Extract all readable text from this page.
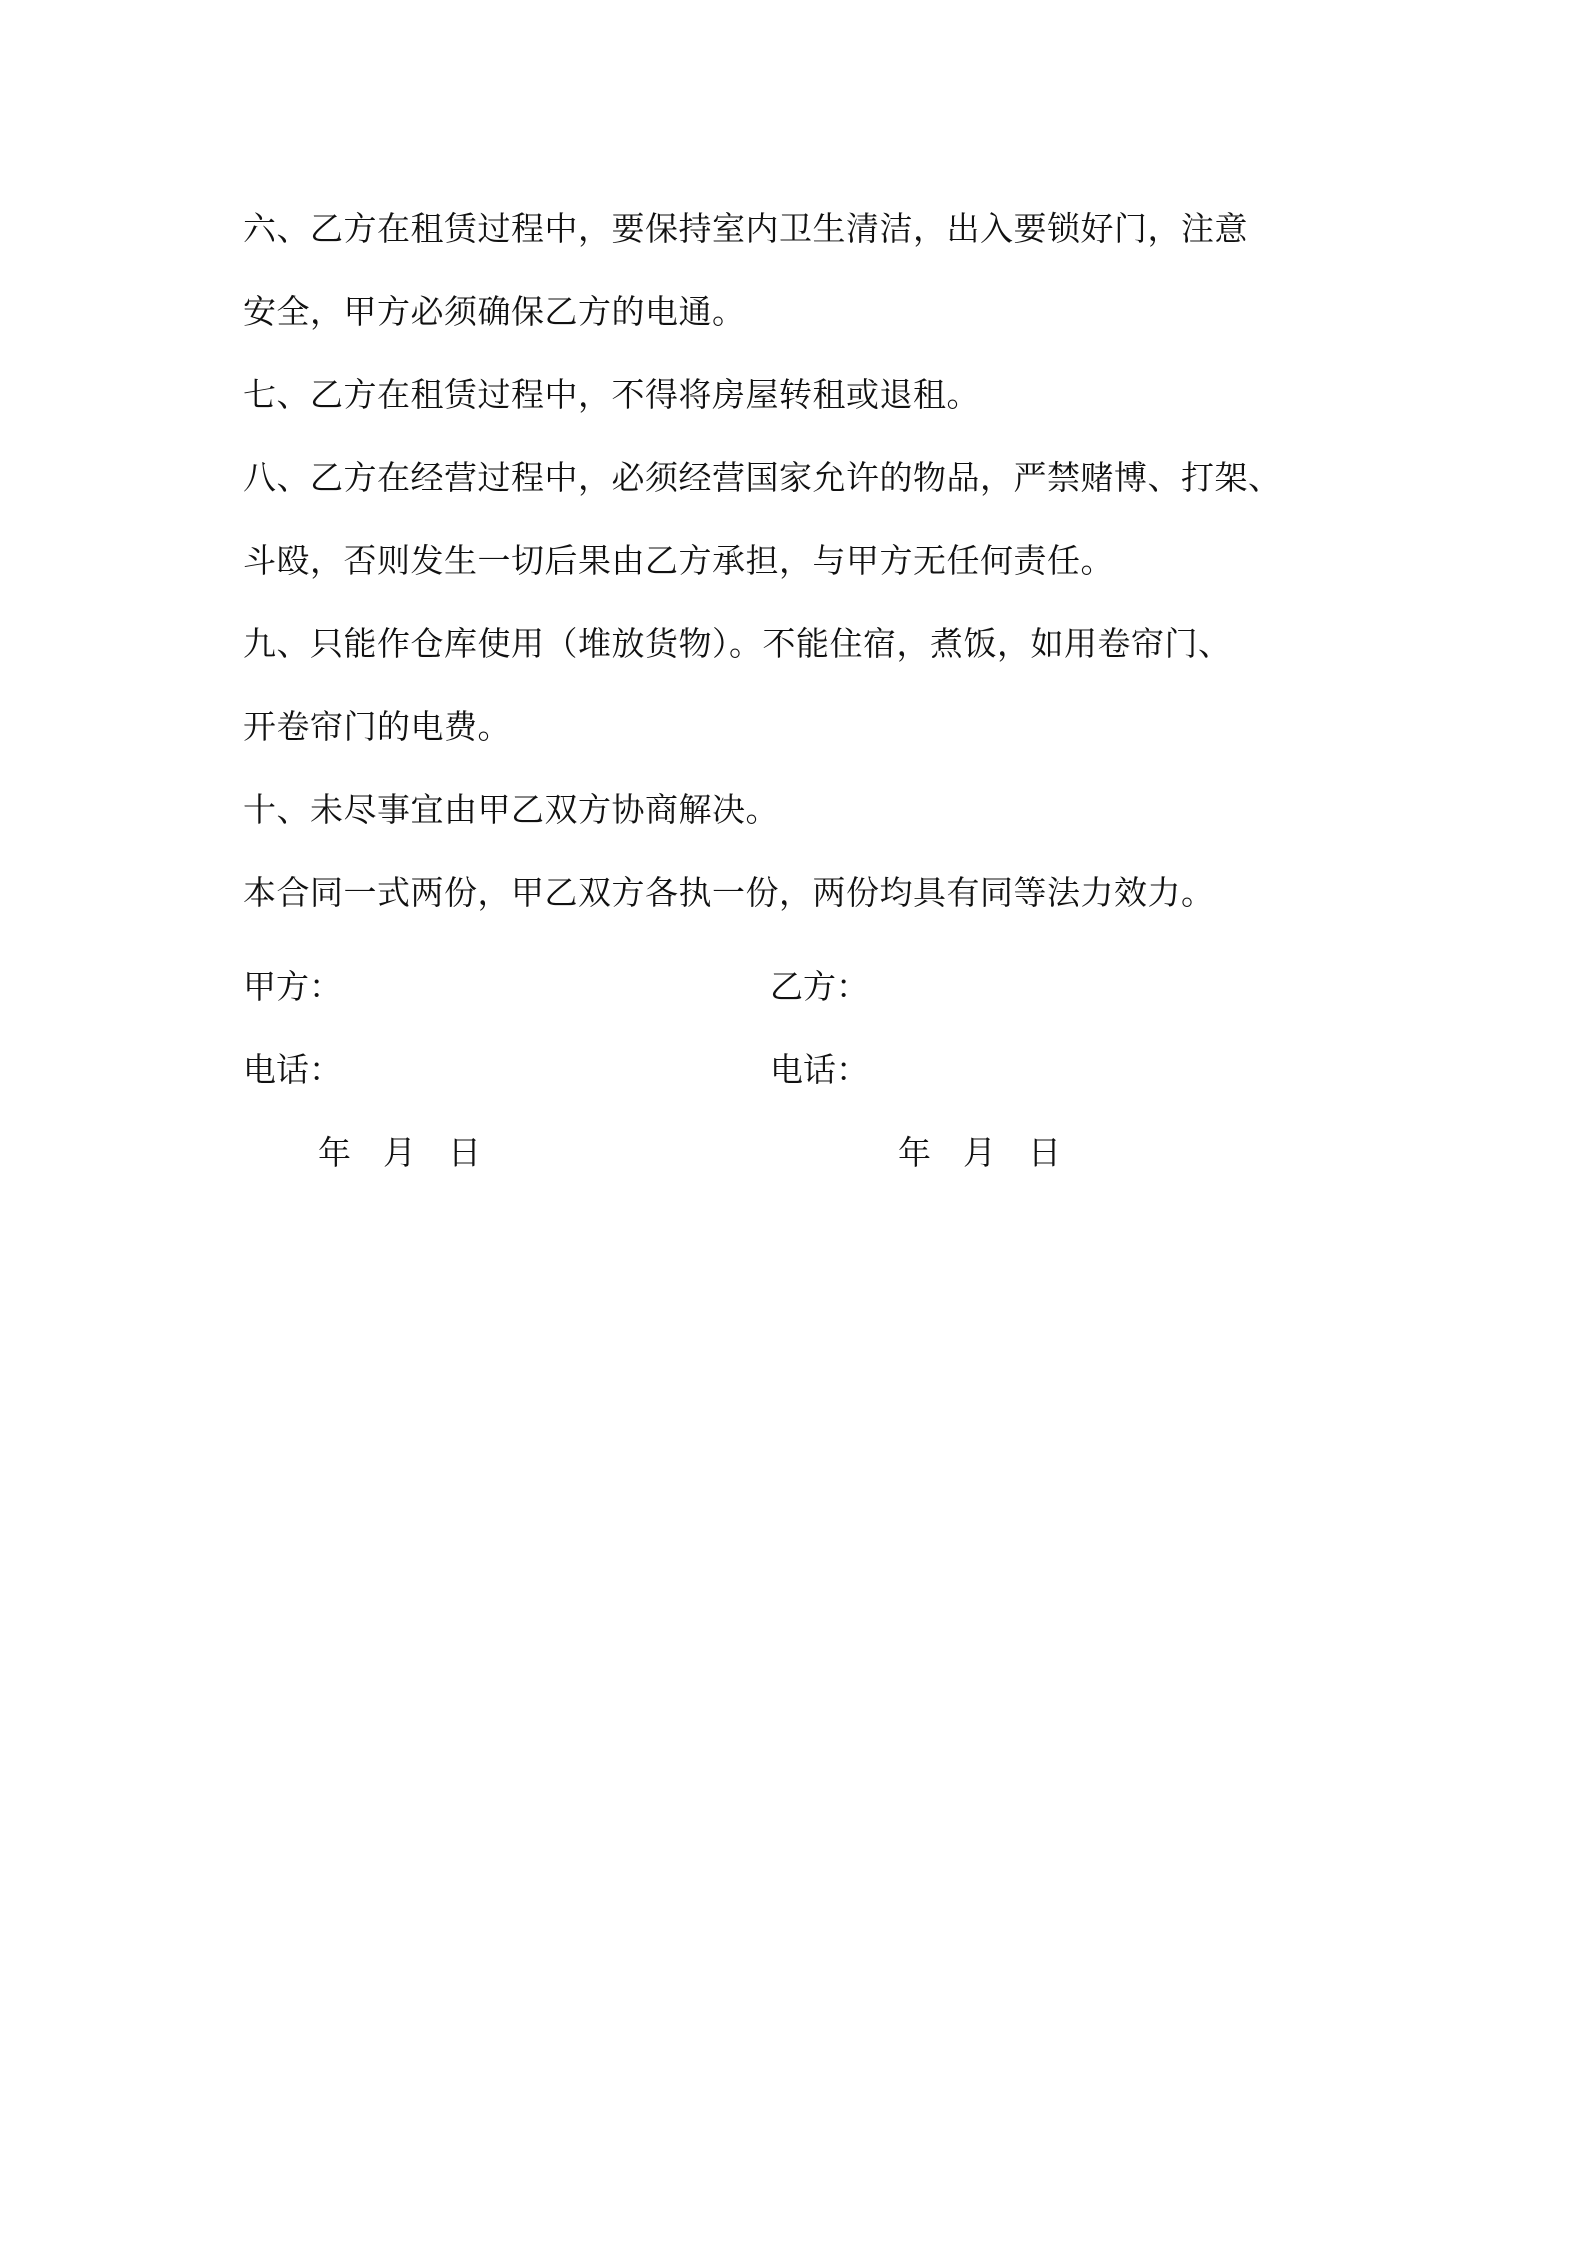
六、乙方在租赁过程中，要保持室内卫生清洁，出入要锁好门，注意
安全，甲方必须确保乙方的电通。
七、乙方在租赁过程中，不得将房屋转租或退租。
八、乙方在经营过程中，必须经营国家允许的物品，严禁赌博、打架、
斗殴，否则发生一切后果由乙方承担，与甲方无任何责任。
九、只能作仓库使用（堆放货物）。不能住宿，煮饭，如用卷帘门、
开卷帘门的电费。
十、未尽事宜由甲乙双方协商解决。
本合同一式两份，甲乙双方各执一份，两份均具有同等法力效力。
甲方：	乙方：
电话：	电话：
年 月 日	年 月 日
